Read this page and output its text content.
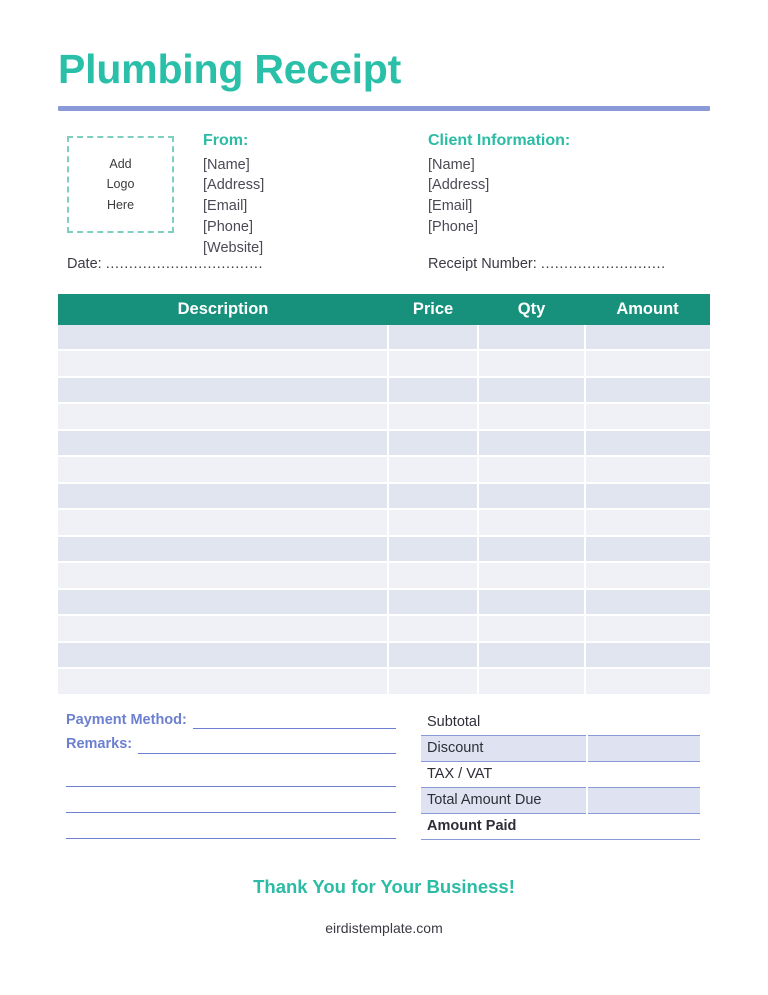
Plumbing Receipt
Add
Logo
Here
From:
[Name]
[Address]
[Email]
[Phone]
[Website]
Client Information:
[Name]
[Address]
[Email]
[Phone]
Date: ..................................	Receipt Number: ...........................
Description	Price	Qty	Amount

Payment Method:
Remarks:
Subtotal	
Discount	
TAX / VAT	
Total Amount Due	
Amount Paid	
Thank You for Your Business!
eirdistemplate.com
